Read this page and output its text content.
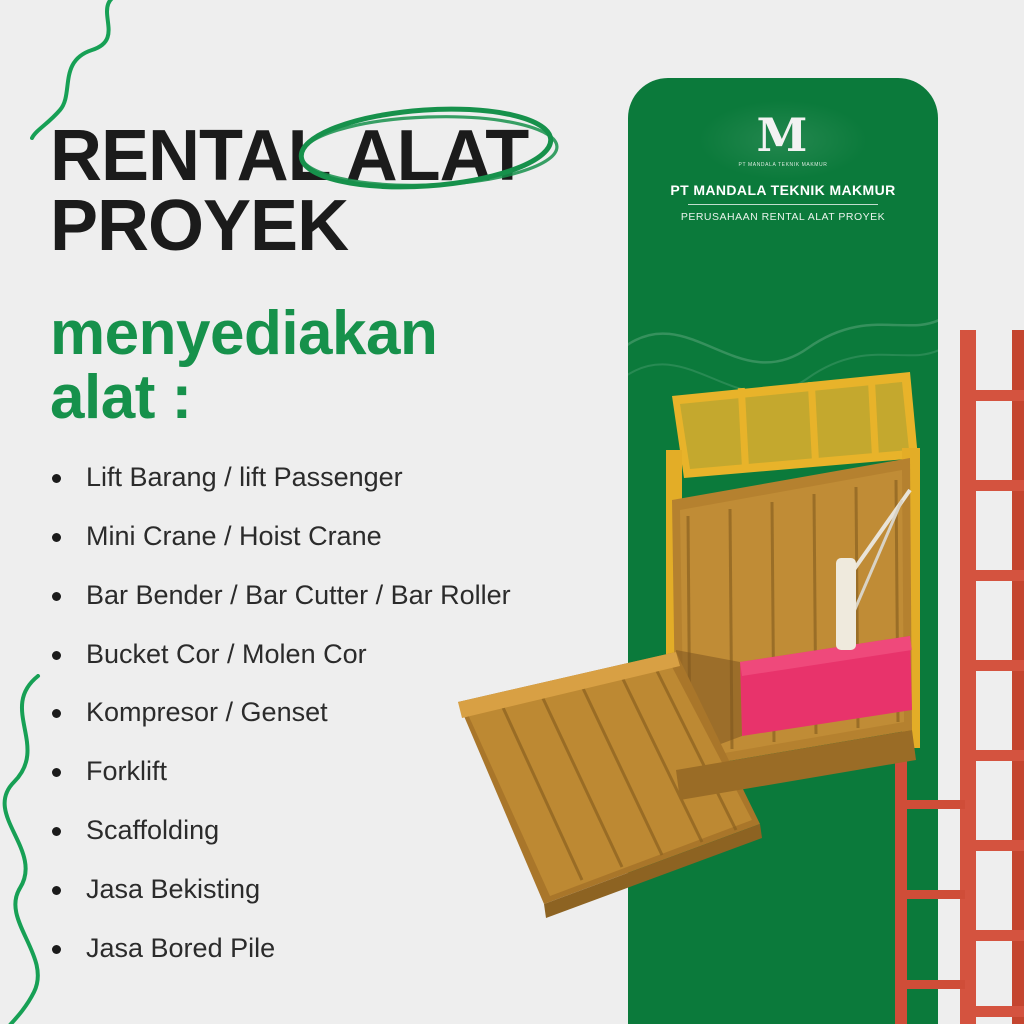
RENTAL ALAT
PROYEK
menyediakan
alat :
Lift Barang / lift Passenger
Mini Crane / Hoist Crane
Bar Bender / Bar Cutter / Bar Roller
Bucket Cor / Molen Cor
Kompresor / Genset
Forklift
Scaffolding
Jasa Bekisting
Jasa Bored Pile
M
PT MANDALA TEKNIK MAKMUR
PT MANDALA TEKNIK MAKMUR
PERUSAHAAN RENTAL ALAT PROYEK
